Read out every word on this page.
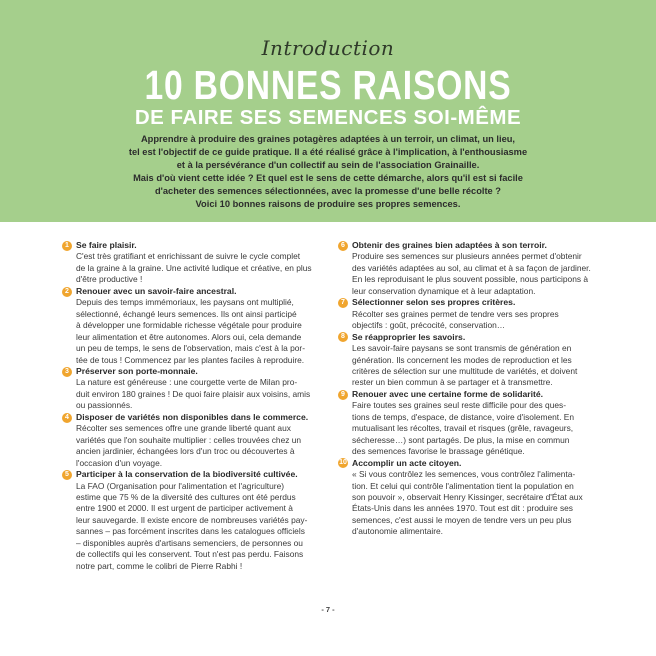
Introduction
10 BONNES RAISONS
DE FAIRE SES SEMENCES SOI-MÊME
Apprendre à produire des graines potagères adaptées à un terroir, un climat, un lieu,
tel est l'objectif de ce guide pratique. Il a été réalisé grâce à l'implication, à l'enthousiasme
et à la persévérance d'un collectif au sein de l'association Grainaille.
Mais d'où vient cette idée ? Et quel est le sens de cette démarche, alors qu'il est si facile
d'acheter des semences sélectionnées, avec la promesse d'une belle récolte ?
Voici 10 bonnes raisons de produire ses propres semences.
1 Se faire plaisir.
C'est très gratifiant et enrichissant de suivre le cycle complet
de la graine à la graine. Une activité ludique et créative, en plus
d'être productive !
2 Renouer avec un savoir-faire ancestral.
Depuis des temps immémoriaux, les paysans ont multiplié,
sélectionné, échangé leurs semences. Ils ont ainsi participé
à développer une formidable richesse végétale pour produire
leur alimentation et être autonomes. Alors oui, cela demande
un peu de temps, le sens de l'observation, mais c'est à la por-
tée de tous ! Commencez par les plantes faciles à reproduire.
3 Préserver son porte-monnaie.
La nature est généreuse : une courgette verte de Milan pro-
duit environ 180 graines ! De quoi faire plaisir aux voisins, amis
ou passionnés.
4 Disposer de variétés non disponibles dans le commerce.
Récolter ses semences offre une grande liberté quant aux
variétés que l'on souhaite multiplier : celles trouvées chez un
ancien jardinier, échangées lors d'un troc ou découvertes à
l'occasion d'un voyage.
5 Participer à la conservation de la biodiversité cultivée.
La FAO (Organisation pour l'alimentation et l'agriculture)
estime que 75 % de la diversité des cultures ont été perdus
entre 1900 et 2000. Il est urgent de participer activement à
leur sauvegarde. Il existe encore de nombreuses variétés pay-
sannes – pas forcément inscrites dans les catalogues officiels
– disponibles auprès d'artisans semenciers, de personnes ou
de collectifs qui les conservent. Tout n'est pas perdu. Faisons
notre part, comme le colibri de Pierre Rabhi !
6 Obtenir des graines bien adaptées à son terroir.
Produire ses semences sur plusieurs années permet d'obtenir
des variétés adaptées au sol, au climat et à sa façon de jardiner.
En les reproduisant le plus souvent possible, nous participons à
leur conservation dynamique et à leur adaptation.
7 Sélectionner selon ses propres critères.
Récolter ses graines permet de tendre vers ses propres
objectifs : goût, précocité, conservation…
8 Se réapproprier les savoirs.
Les savoir-faire paysans se sont transmis de génération en
génération. Ils concernent les modes de reproduction et les
critères de sélection sur une multitude de variétés, et doivent
rester un bien commun à se partager et à transmettre.
9 Renouer avec une certaine forme de solidarité.
Faire toutes ses graines seul reste difficile pour des ques-
tions de temps, d'espace, de distance, voire d'isolement. En
mutualisant les récoltes, travail et risques (grêle, ravageurs,
sécheresse…) sont partagés. De plus, la mise en commun
des semences favorise le brassage génétique.
10 Accomplir un acte citoyen.
« Si vous contrôlez les semences, vous contrôlez l'alimenta-
tion. Et celui qui contrôle l'alimentation tient la population en
son pouvoir », observait Henry Kissinger, secrétaire d'État aux
États-Unis dans les années 1970. Tout est dit : produire ses
semences, c'est aussi le moyen de tendre vers un peu plus
d'autonomie alimentaire.
- 7 -
